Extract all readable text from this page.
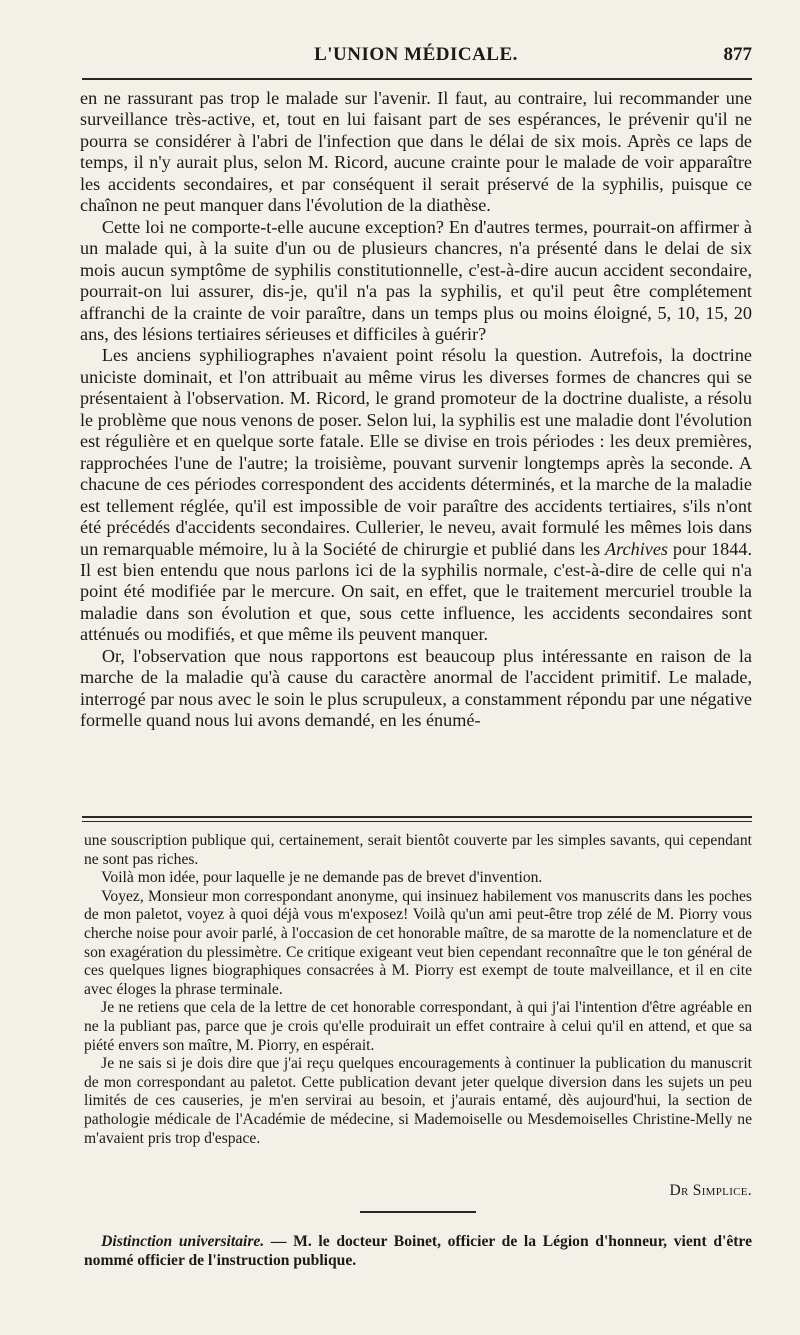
L'UNION MÉDICALE.	877

en ne rassurant pas trop le malade sur l'avenir. Il faut, au contraire, lui recommander une surveillance très-active, et, tout en lui faisant part de ses espérances, le prévenir qu'il ne pourra se considérer à l'abri de l'infection que dans le délai de six mois. Après ce laps de temps, il n'y aurait plus, selon M. Ricord, aucune crainte pour le malade de voir apparaître les accidents secondaires, et par conséquent il serait préservé de la syphilis, puisque ce chaînon ne peut manquer dans l'évolution de la diathèse.

Cette loi ne comporte-t-elle aucune exception? En d'autres termes, pourrait-on affirmer à un malade qui, à la suite d'un ou de plusieurs chancres, n'a présenté dans le delai de six mois aucun symptôme de syphilis constitutionnelle, c'est-à-dire aucun accident secondaire, pourrait-on lui assurer, dis-je, qu'il n'a pas la syphilis, et qu'il peut être complétement affranchi de la crainte de voir paraître, dans un temps plus ou moins éloigné, 5, 10, 15, 20 ans, des lésions tertiaires sérieuses et difficiles à guérir?

Les anciens syphiliographes n'avaient point résolu la question. Autrefois, la doctrine uniciste dominait, et l'on attribuait au même virus les diverses formes de chancres qui se présentaient à l'observation. M. Ricord, le grand promoteur de la doctrine dualiste, a résolu le problème que nous venons de poser. Selon lui, la syphilis est une maladie dont l'évolution est régulière et en quelque sorte fatale. Elle se divise en trois périodes : les deux premières, rapprochées l'une de l'autre; la troisième, pouvant survenir longtemps après la seconde. A chacune de ces périodes correspondent des accidents déterminés, et la marche de la maladie est tellement réglée, qu'il est impossible de voir paraître des accidents tertiaires, s'ils n'ont été précédés d'accidents secondaires. Cullerier, le neveu, avait formulé les mêmes lois dans un remarquable mémoire, lu à la Société de chirurgie et publié dans les Archives pour 1844. Il est bien entendu que nous parlons ici de la syphilis normale, c'est-à-dire de celle qui n'a point été modifiée par le mercure. On sait, en effet, que le traitement mercuriel trouble la maladie dans son évolution et que, sous cette influence, les accidents secondaires sont atténués ou modifiés, et que même ils peuvent manquer.

Or, l'observation que nous rapportons est beaucoup plus intéressante en raison de la marche de la maladie qu'à cause du caractère anormal de l'accident primitif. Le malade, interrogé par nous avec le soin le plus scrupuleux, a constamment répondu par une négative formelle quand nous lui avons demandé, en les énumé-

une souscription publique qui, certainement, serait bientôt couverte par les simples savants, qui cependant ne sont pas riches.

Voilà mon idée, pour laquelle je ne demande pas de brevet d'invention.

Voyez, Monsieur mon correspondant anonyme, qui insinuez habilement vos manuscrits dans les poches de mon paletot, voyez à quoi déjà vous m'exposez! Voilà qu'un ami peut-être trop zélé de M. Piorry vous cherche noise pour avoir parlé, à l'occasion de cet honorable maître, de sa marotte de la nomenclature et de son exagération du plessimètre. Ce critique exigeant veut bien cependant reconnaître que le ton général de ces quelques lignes biographiques consacrées à M. Piorry est exempt de toute malveillance, et il en cite avec éloges la phrase terminale.

Je ne retiens que cela de la lettre de cet honorable correspondant, à qui j'ai l'intention d'être agréable en ne la publiant pas, parce que je crois qu'elle produirait un effet contraire à celui qu'il en attend, et que sa piété envers son maître, M. Piorry, en espérait.

Je ne sais si je dois dire que j'ai reçu quelques encouragements à continuer la publication du manuscrit de mon correspondant au paletot. Cette publication devant jeter quelque diversion dans les sujets un peu limités de ces causeries, je m'en servirai au besoin, et j'aurais entamé, dès aujourd'hui, la section de pathologie médicale de l'Académie de médecine, si Mademoiselle ou Mesdemoiselles Christine-Melly ne m'avaient pris trop d'espace.

Dr Simplice.

Distinction universitaire. — M. le docteur Boinet, officier de la Légion d'honneur, vient d'être nommé officier de l'instruction publique.
